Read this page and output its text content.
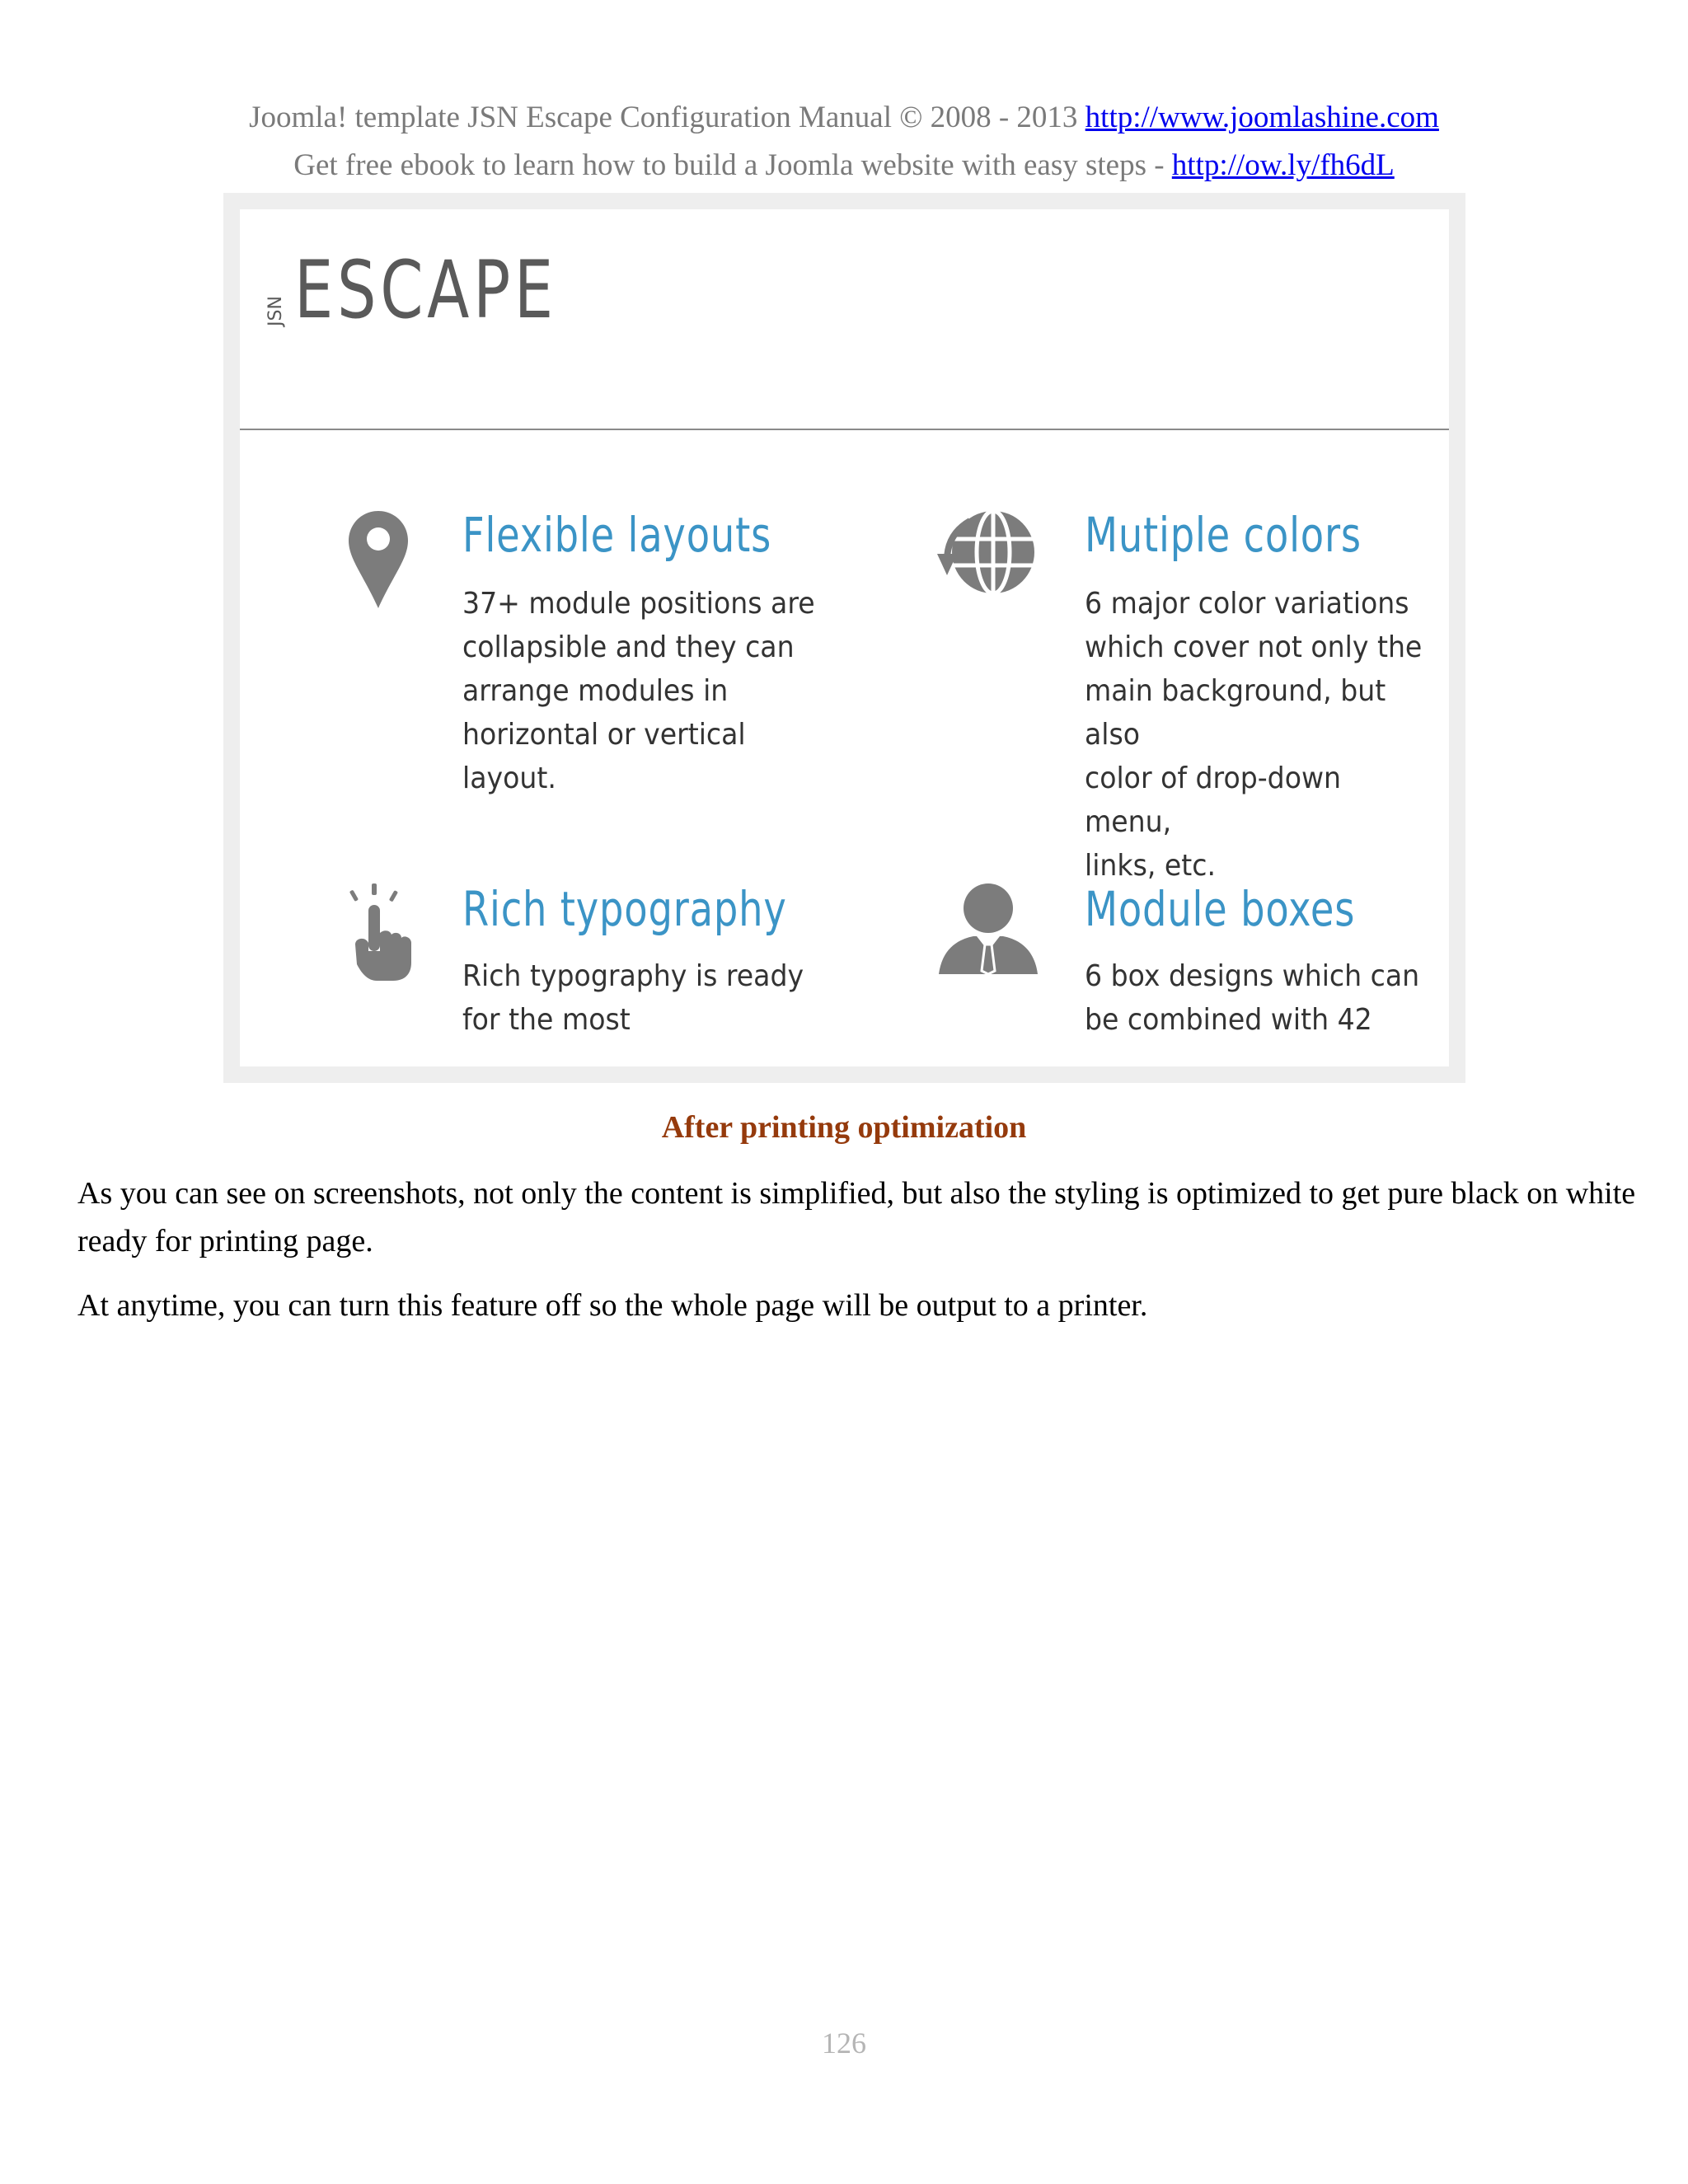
Joomla! template JSN Escape Configuration Manual © 2008 - 2013 http://www.joomlashine.com
Get free ebook to learn how to build a Joomla website with easy steps - http://ow.ly/fh6dL
JSN ESCAPE
Flexible layouts
37+ module positions are
collapsible and they can
arrange modules in
horizontal or vertical
layout.
Mutiple colors
6 major color variations
which cover not only the
main background, but also
color of drop-down menu,
links, etc.
Rich typography
Rich typography is ready
for the most
Module boxes
6 box designs which can
be combined with 42
After printing optimization

As you can see on screenshots, not only the content is simplified, but also the styling is optimized to get pure black on white ready for printing page.

At anytime, you can turn this feature off so the whole page will be output to a printer.

126
